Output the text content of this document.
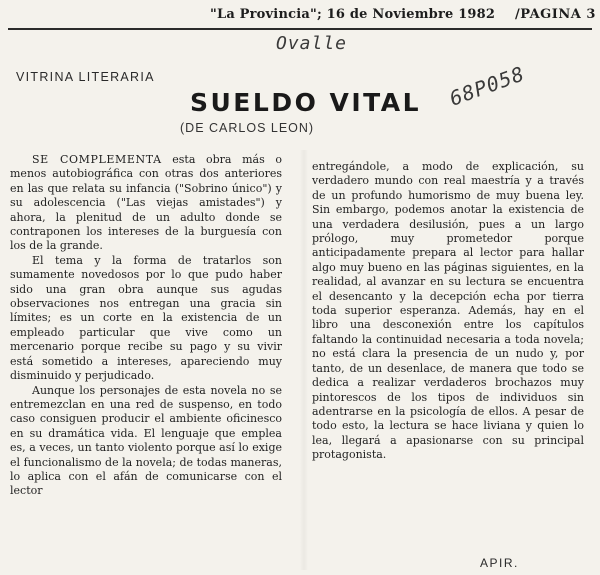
"La Provincia"; 16 de Noviembre 1982 /PAGINA 3
Ovalle
68P058
VITRINA LITERARIA
SUELDO VITAL
(DE CARLOS LEON)

SE COMPLEMENTA esta obra más o menos autobiográfica con otras dos anteriores en las que relata su infancia ("Sobrino único") y su adolescencia ("Las viejas amistades") y ahora, la plenitud de un adulto donde se contraponen los intereses de la burguesía con los de la grande.

El tema y la forma de tratarlos son sumamente novedosos por lo que pudo haber sido una gran obra aunque sus agudas observaciones nos entregan una gracia sin límites; es un corte en la existencia de un empleado particular que vive como un mercenario porque recibe su pago y su vivir está sometido a intereses, apareciendo muy disminuido y perjudicado.

Aunque los personajes de esta novela no se entremezclan en una red de suspenso, en todo caso consiguen producir el ambiente oficinesco en su dramática vida. El lenguaje que emplea es, a veces, un tanto violento porque así lo exige el funcionalismo de la novela; de todas maneras, lo aplica con el afán de comunicarse con el lector

entregándole, a modo de explicación, su verdadero mundo con real maestría y a través de un profundo humorismo de muy buena ley. Sin embargo, podemos anotar la existencia de una verdadera desilusión, pues a un largo prólogo, muy prometedor porque anticipadamente prepara al lector para hallar algo muy bueno en las páginas siguientes, en la realidad, al avanzar en su lectura se encuentra el desencanto y la decepción echa por tierra toda superior esperanza. Además, hay en el libro una desconexión entre los capítulos faltando la continuidad necesaria a toda novela; no está clara la presencia de un nudo y, por tanto, de un desenlace, de manera que todo se dedica a realizar verdaderos brochazos muy pintorescos de los tipos de individuos sin adentrarse en la psicología de ellos. A pesar de todo esto, la lectura se hace liviana y quien lo lea, llegará a apasionarse con su principal protagonista.

APIR.
